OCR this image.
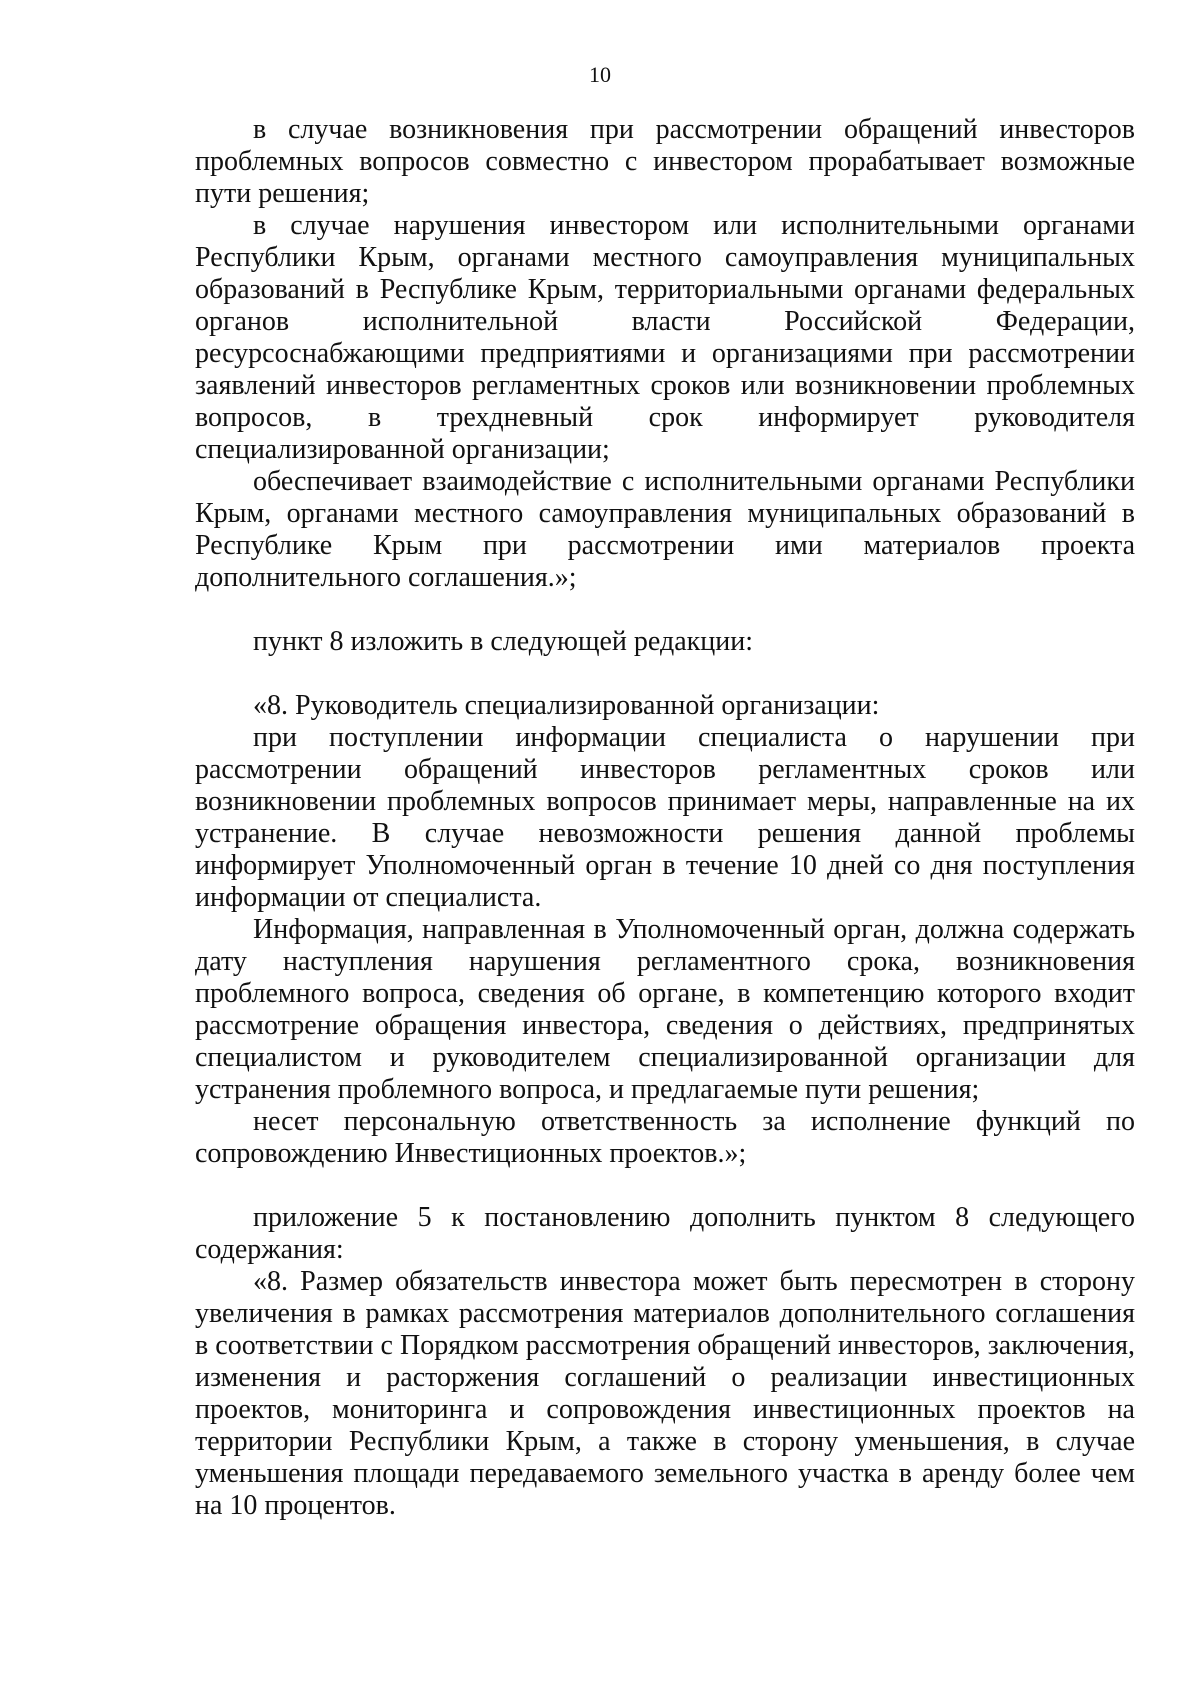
10

в случае возникновения при рассмотрении обращений инвесторов проблемных вопросов совместно с инвестором прорабатывает возможные пути решения;

в случае нарушения инвестором или исполнительными органами Республики Крым, органами местного самоуправления муниципальных образований в Республике Крым, территориальными органами федеральных органов исполнительной власти Российской Федерации, ресурсоснабжающими предприятиями и организациями при рассмотрении заявлений инвесторов регламентных сроков или возникновении проблемных вопросов, в трехдневный срок информирует руководителя специализированной организации;

обеспечивает взаимодействие с исполнительными органами Республики Крым, органами местного самоуправления муниципальных образований в Республике Крым при рассмотрении ими материалов проекта дополнительного соглашения.»;

пункт 8 изложить в следующей редакции:

«8. Руководитель специализированной организации:

при поступлении информации специалиста о нарушении при рассмотрении обращений инвесторов регламентных сроков или возникновении проблемных вопросов принимает меры, направленные на их устранение. В случае невозможности решения данной проблемы информирует Уполномоченный орган в течение 10 дней со дня поступления информации от специалиста.

Информация, направленная в Уполномоченный орган, должна содержать дату наступления нарушения регламентного срока, возникновения проблемного вопроса, сведения об органе, в компетенцию которого входит рассмотрение обращения инвестора, сведения о действиях, предпринятых специалистом и руководителем специализированной организации для устранения проблемного вопроса, и предлагаемые пути решения;

несет персональную ответственность за исполнение функций по сопровождению Инвестиционных проектов.»;

приложение 5 к постановлению дополнить пунктом 8 следующего содержания:

«8. Размер обязательств инвестора может быть пересмотрен в сторону увеличения в рамках рассмотрения материалов дополнительного соглашения в соответствии с Порядком рассмотрения обращений инвесторов, заключения, изменения и расторжения соглашений о реализации инвестиционных проектов, мониторинга и сопровождения инвестиционных проектов на территории Республики Крым, а также в сторону уменьшения, в случае уменьшения площади передаваемого земельного участка в аренду более чем на 10 процентов.
